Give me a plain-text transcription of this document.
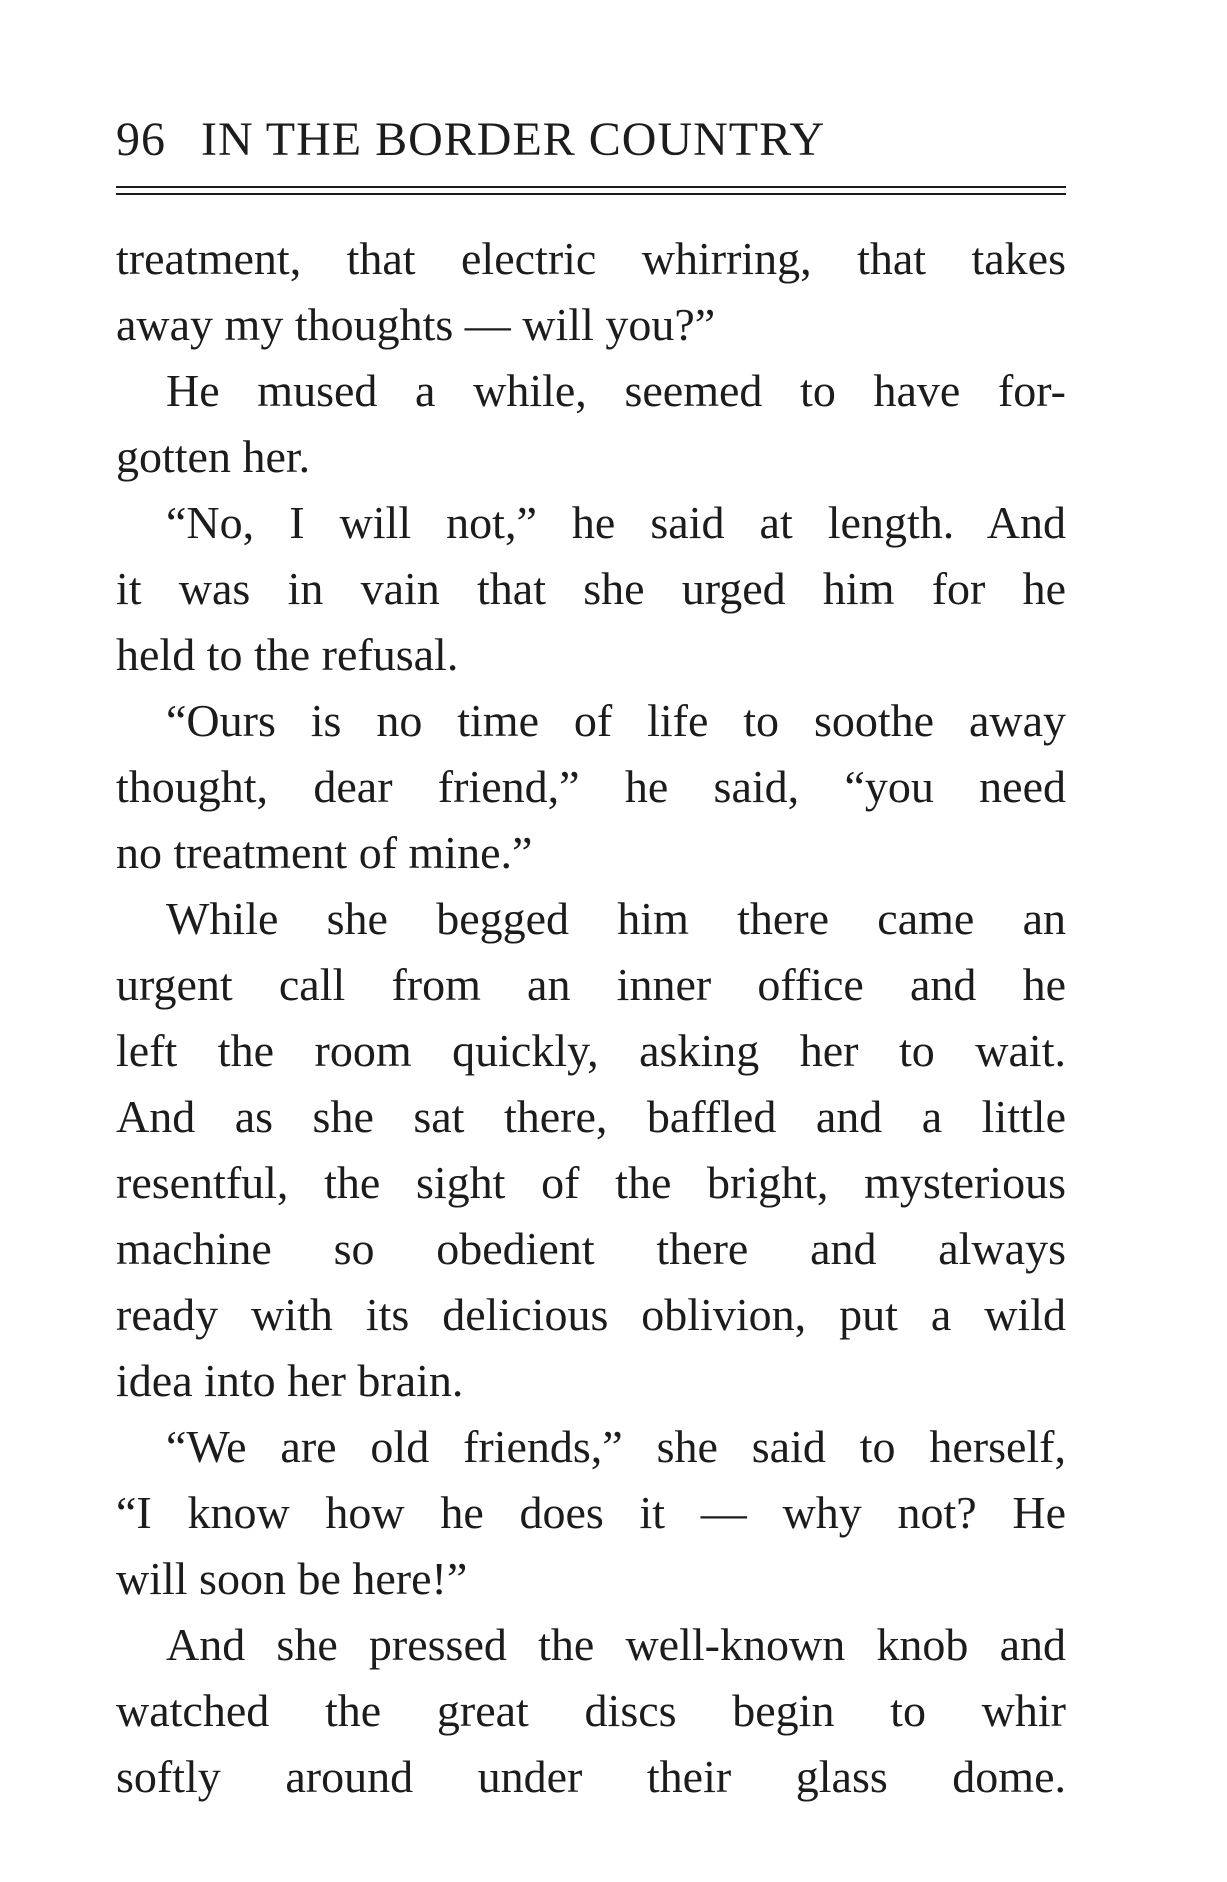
96 IN THE BORDER COUNTRY
treatment, that electric whirring, that takes
away my thoughts — will you?”
He mused a while, seemed to have for-
gotten her.
“No, I will not,” he said at length. And
it was in vain that she urged him for he
held to the refusal.
“Ours is no time of life to soothe away
thought, dear friend,” he said, “you need
no treatment of mine.”
While she begged him there came an
urgent call from an inner office and he
left the room quickly, asking her to wait.
And as she sat there, baffled and a little
resentful, the sight of the bright, mysterious
machine so obedient there and always
ready with its delicious oblivion, put a wild
idea into her brain.
“We are old friends,” she said to herself,
“I know how he does it — why not? He
will soon be here!”
And she pressed the well-known knob and
watched the great discs begin to whir
softly around under their glass dome.
